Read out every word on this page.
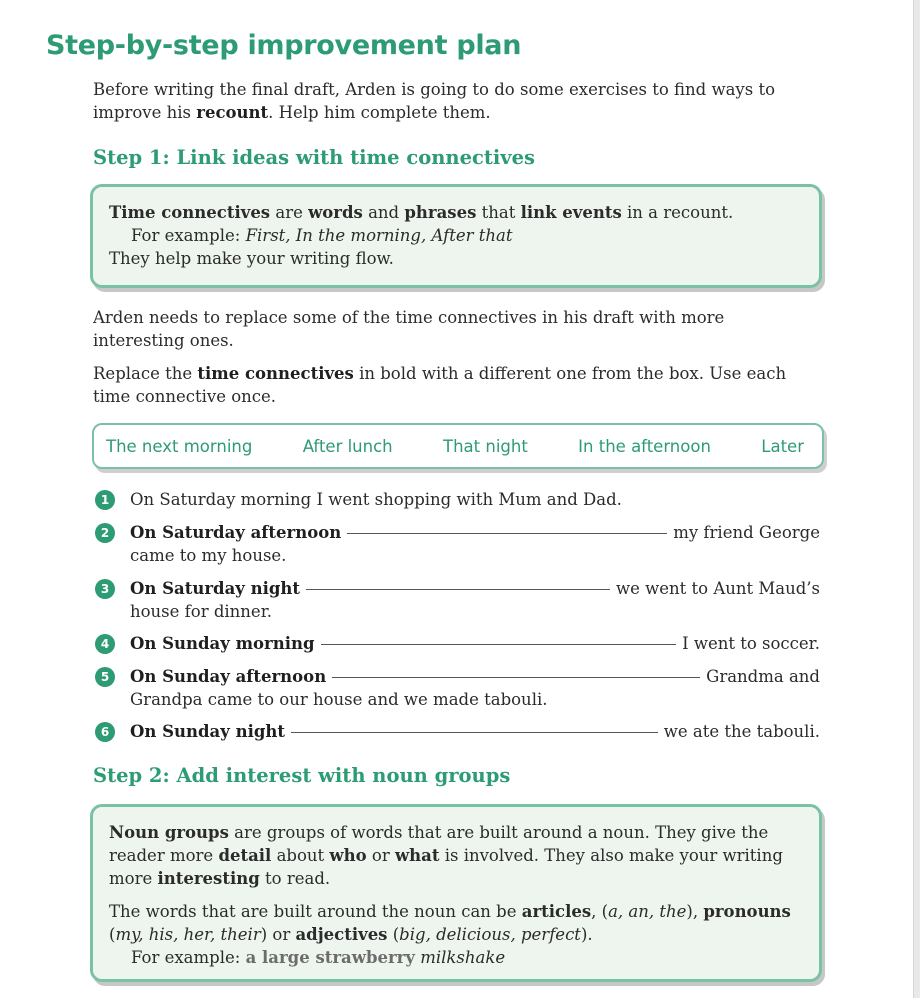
Step-by-step improvement plan

Before writing the final draft, Arden is going to do some exercises to find ways to improve his recount. Help him complete them.

Step 1: Link ideas with time connectives

Time connectives are words and phrases that link events in a recount.

For example: First, In the morning, After that

They help make your writing flow.

Arden needs to replace some of the time connectives in his draft with more interesting ones.

Replace the time connectives in bold with a different one from the box. Use each time connective once.

The next morning	After lunch	That night	In the afternoon	Later
1	On Saturday morning I went shopping with Mum and Dad.

2	On Saturday afternoon	my friend George
came to my house.
3	On Saturday night	we went to Aunt Maud’s
house for dinner.
4	On Sunday morning	I went to soccer.
5	On Sunday afternoon	Grandma and
Grandpa came to our house and we made tabouli.
6	On Sunday night	we ate the tabouli.
Step 2: Add interest with noun groups

Noun groups are groups of words that are built around a noun. They give the reader more detail about who or what is involved. They also make your writing more interesting to read.

The words that are built around the noun can be articles, (a, an, the), pronouns (my, his, her, their) or adjectives (big, delicious, perfect).

For example: a large strawberry milkshake
